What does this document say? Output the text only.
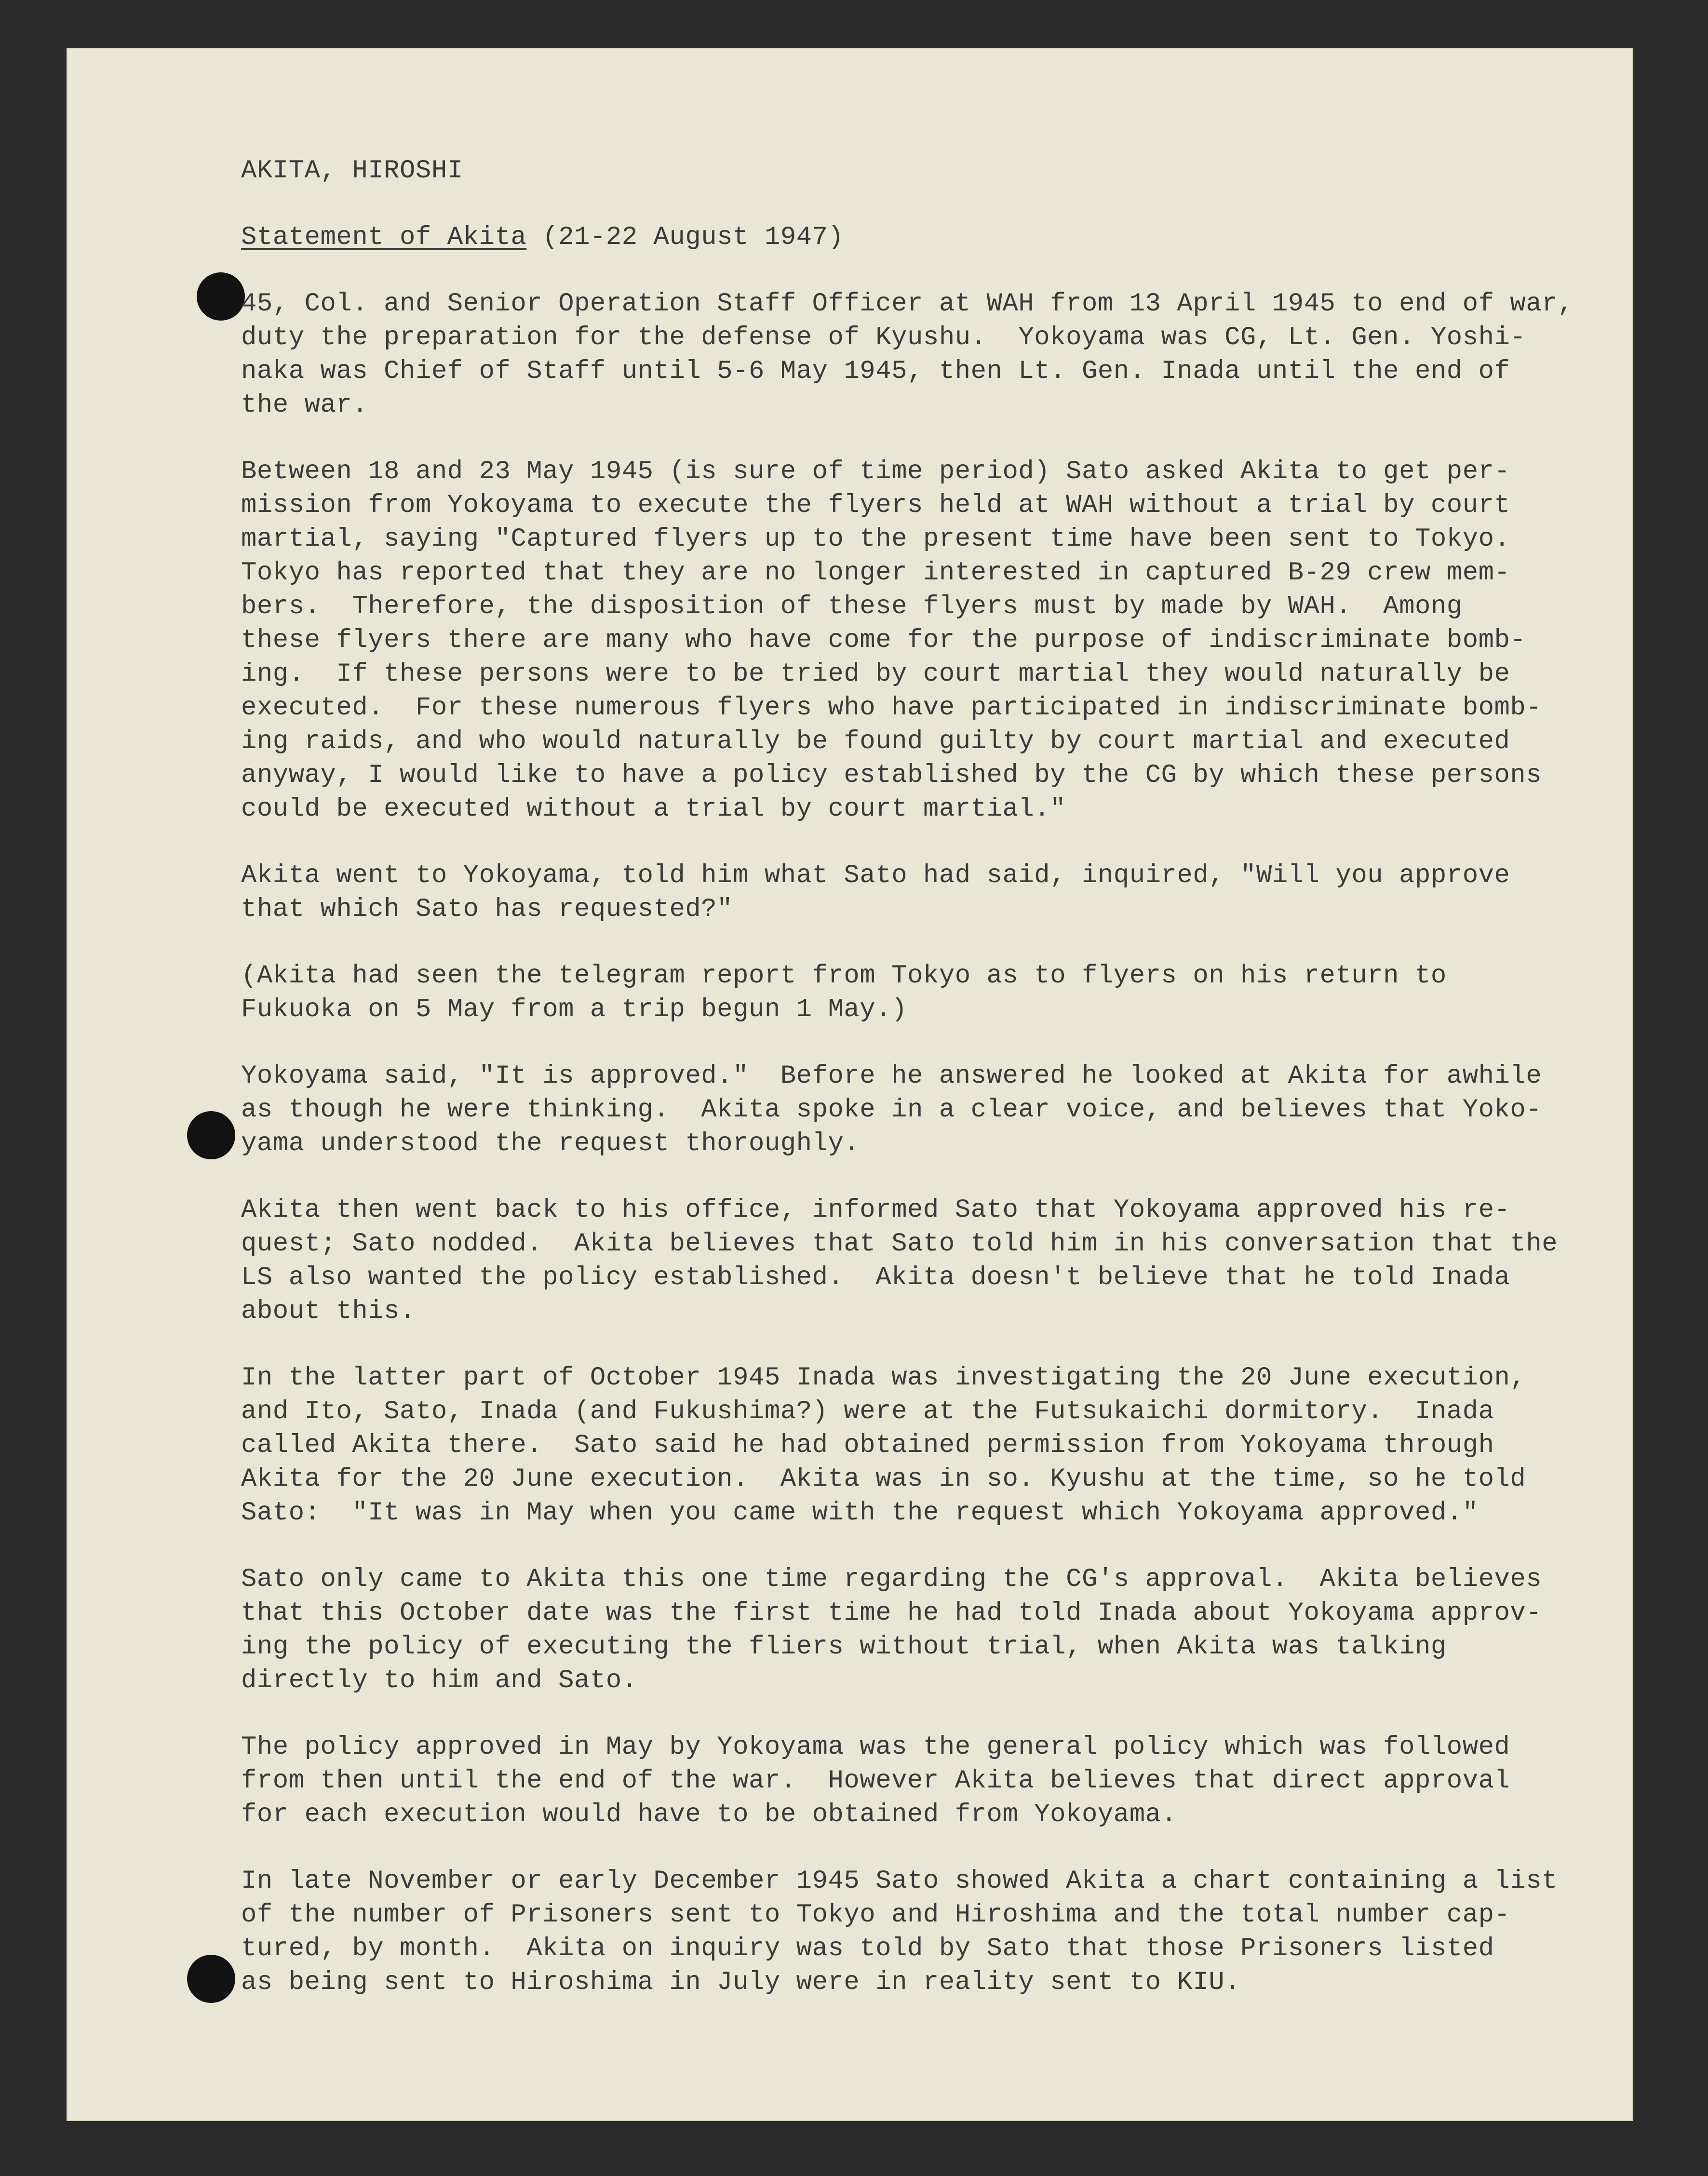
AKITA, HIROSHI
Statement of Akita (21-22 August 1947)
45, Col. and Senior Operation Staff Officer at WAH from 13 April 1945 to end of war,
duty the preparation for the defense of Kyushu.  Yokoyama was CG, Lt. Gen. Yoshi-
naka was Chief of Staff until 5-6 May 1945, then Lt. Gen. Inada until the end of
the war.
Between 18 and 23 May 1945 (is sure of time period) Sato asked Akita to get per-
mission from Yokoyama to execute the flyers held at WAH without a trial by court
martial, saying "Captured flyers up to the present time have been sent to Tokyo.
Tokyo has reported that they are no longer interested in captured B-29 crew mem-
bers.  Therefore, the disposition of these flyers must by made by WAH.  Among
these flyers there are many who have come for the purpose of indiscriminate bomb-
ing.  If these persons were to be tried by court martial they would naturally be
executed.  For these numerous flyers who have participated in indiscriminate bomb-
ing raids, and who would naturally be found guilty by court martial and executed
anyway, I would like to have a policy established by the CG by which these persons
could be executed without a trial by court martial."
Akita went to Yokoyama, told him what Sato had said, inquired, "Will you approve
that which Sato has requested?"
(Akita had seen the telegram report from Tokyo as to flyers on his return to
Fukuoka on 5 May from a trip begun 1 May.)
Yokoyama said, "It is approved."  Before he answered he looked at Akita for awhile
as though he were thinking.  Akita spoke in a clear voice, and believes that Yoko-
yama understood the request thoroughly.
Akita then went back to his office, informed Sato that Yokoyama approved his re-
quest; Sato nodded.  Akita believes that Sato told him in his conversation that the
LS also wanted the policy established.  Akita doesn't believe that he told Inada
about this.
In the latter part of October 1945 Inada was investigating the 20 June execution,
and Ito, Sato, Inada (and Fukushima?) were at the Futsukaichi dormitory.  Inada
called Akita there.  Sato said he had obtained permission from Yokoyama through
Akita for the 20 June execution.  Akita was in so. Kyushu at the time, so he told
Sato:  "It was in May when you came with the request which Yokoyama approved."
Sato only came to Akita this one time regarding the CG's approval.  Akita believes
that this October date was the first time he had told Inada about Yokoyama approv-
ing the policy of executing the fliers without trial, when Akita was talking
directly to him and Sato.
The policy approved in May by Yokoyama was the general policy which was followed
from then until the end of the war.  However Akita believes that direct approval
for each execution would have to be obtained from Yokoyama.
In late November or early December 1945 Sato showed Akita a chart containing a list
of the number of Prisoners sent to Tokyo and Hiroshima and the total number cap-
tured, by month.  Akita on inquiry was told by Sato that those Prisoners listed
as being sent to Hiroshima in July were in reality sent to KIU.
